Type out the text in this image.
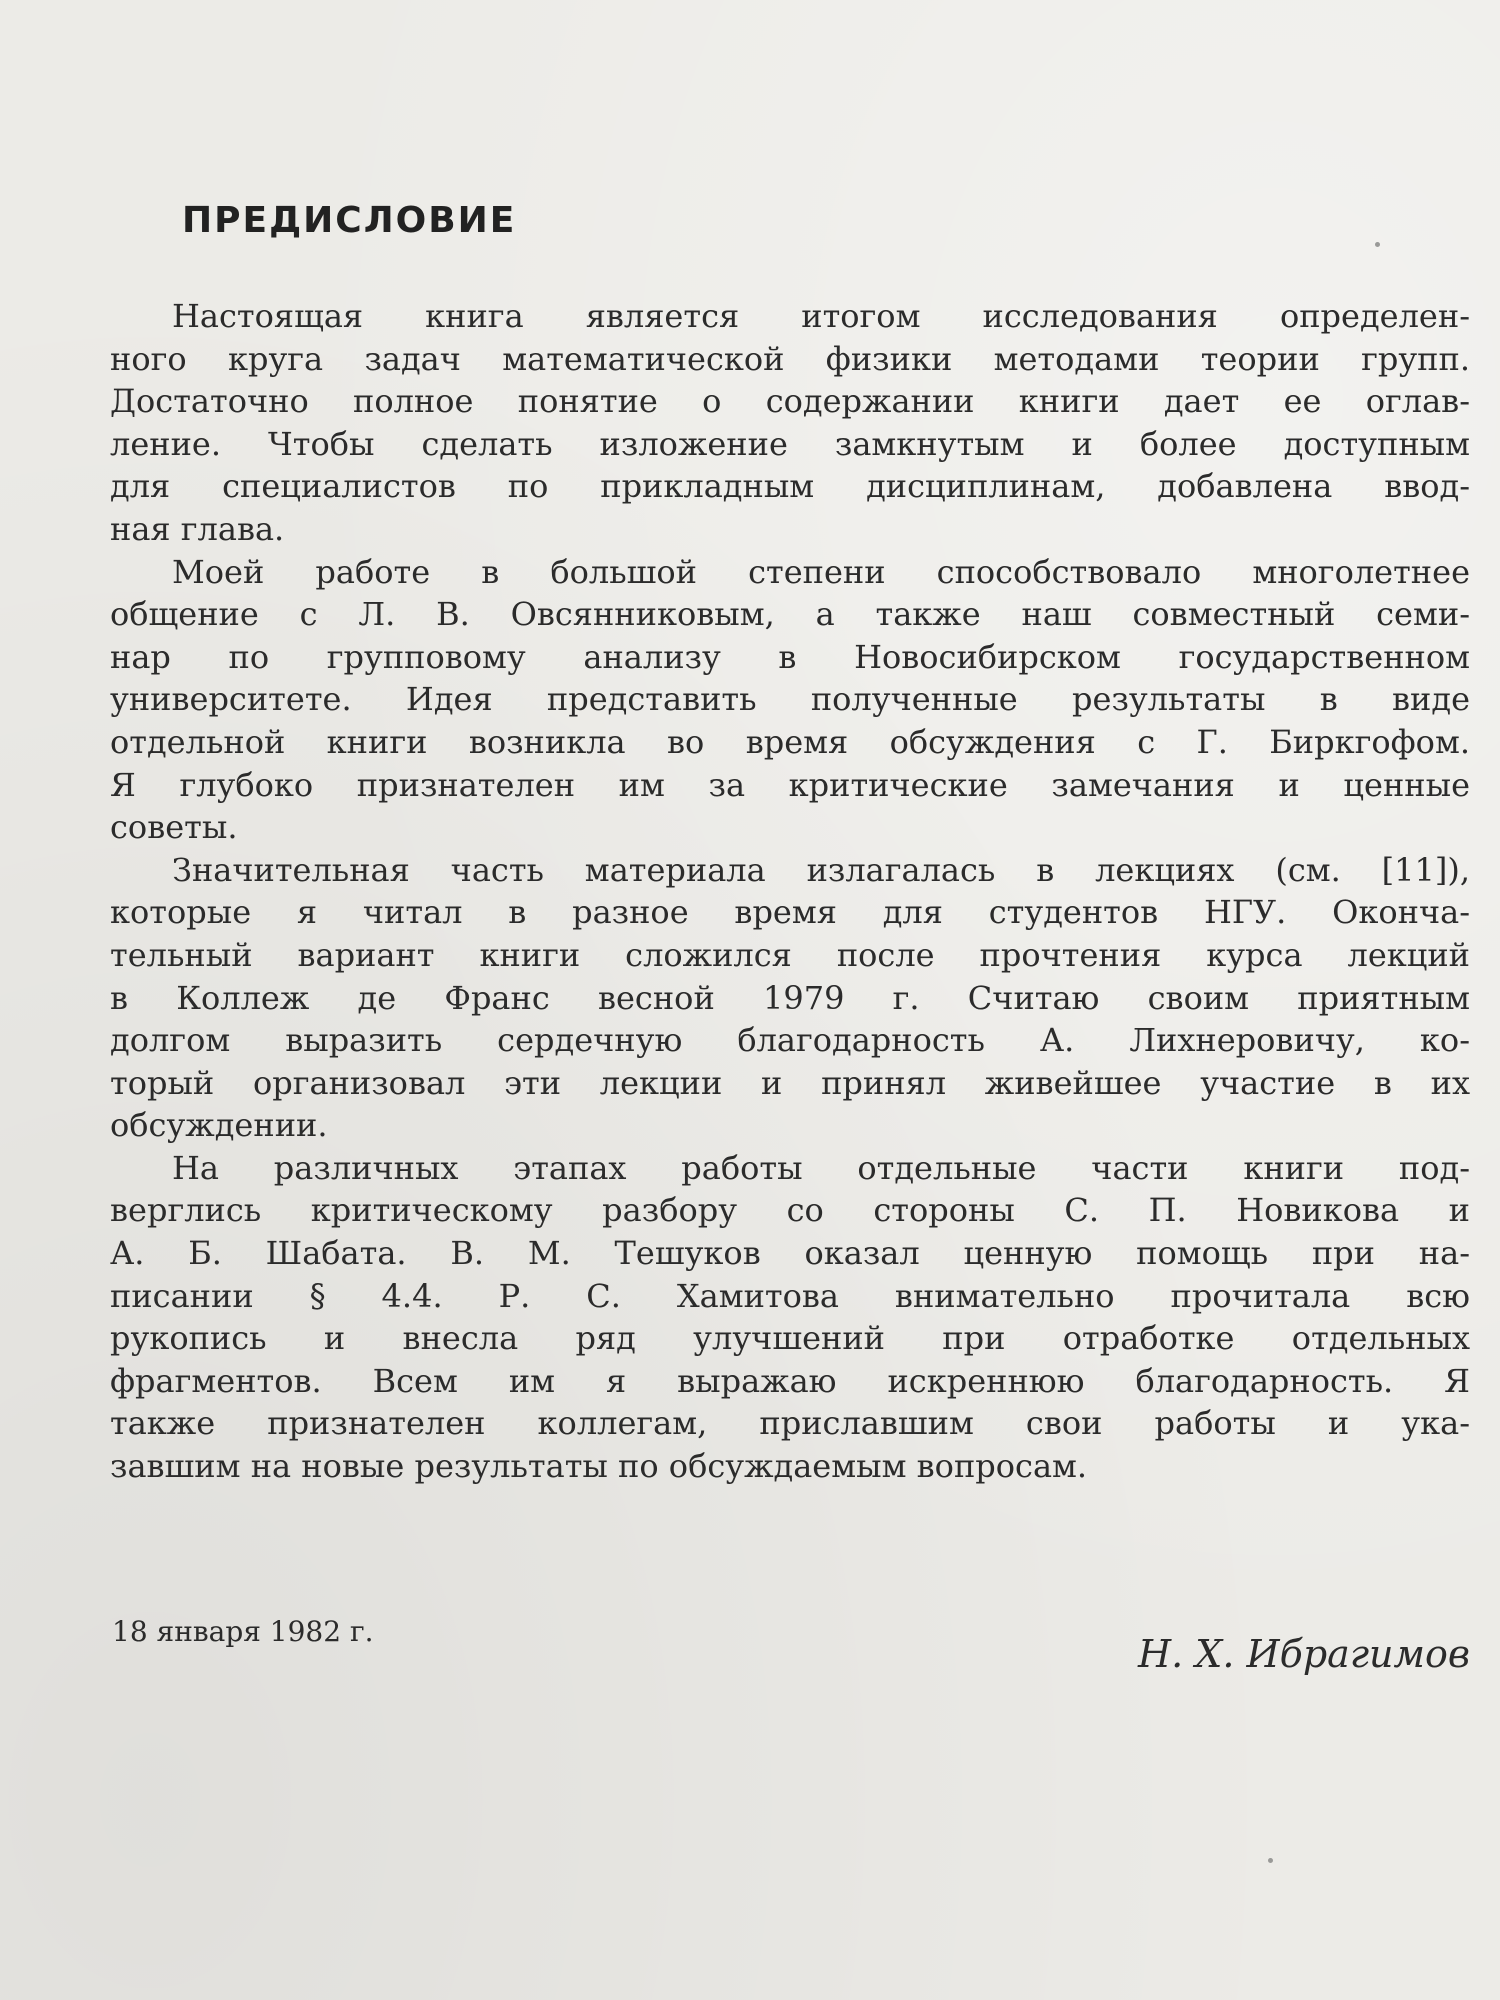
ПРЕДИСЛОВИЕ
Настоящая книга является итогом исследования определен-
ного круга задач математической физики методами теории групп.
Достаточно полное понятие о содержании книги дает ее оглав-
ление. Чтобы сделать изложение замкнутым и более доступным
для специалистов по прикладным дисциплинам, добавлена ввод-
ная глава.
Моей работе в большой степени способствовало многолетнее
общение с Л. В. Овсянниковым, а также наш совместный семи-
нар по групповому анализу в Новосибирском государственном
университете. Идея представить полученные результаты в виде
отдельной книги возникла во время обсуждения с Г. Биркгофом.
Я глубоко признателен им за критические замечания и ценные
советы.
Значительная часть материала излагалась в лекциях (см. [11]),
которые я читал в разное время для студентов НГУ. Оконча-
тельный вариант книги сложился после прочтения курса лекций
в Коллеж де Франс весной 1979 г. Считаю своим приятным
долгом выразить сердечную благодарность А. Лихнеровичу, ко-
торый организовал эти лекции и принял живейшее участие в их
обсуждении.
На различных этапах работы отдельные части книги под-
верглись критическому разбору со стороны С. П. Новикова и
А. Б. Шабата. В. М. Тешуков оказал ценную помощь при на-
писании § 4.4. Р. С. Хамитова внимательно прочитала всю
рукопись и внесла ряд улучшений при отработке отдельных
фрагментов. Всем им я выражаю искреннюю благодарность. Я
также признателен коллегам, приславшим свои работы и ука-
завшим на новые результаты по обсуждаемым вопросам.
18 января 1982 г.
Н. Х. Ибрагимов
